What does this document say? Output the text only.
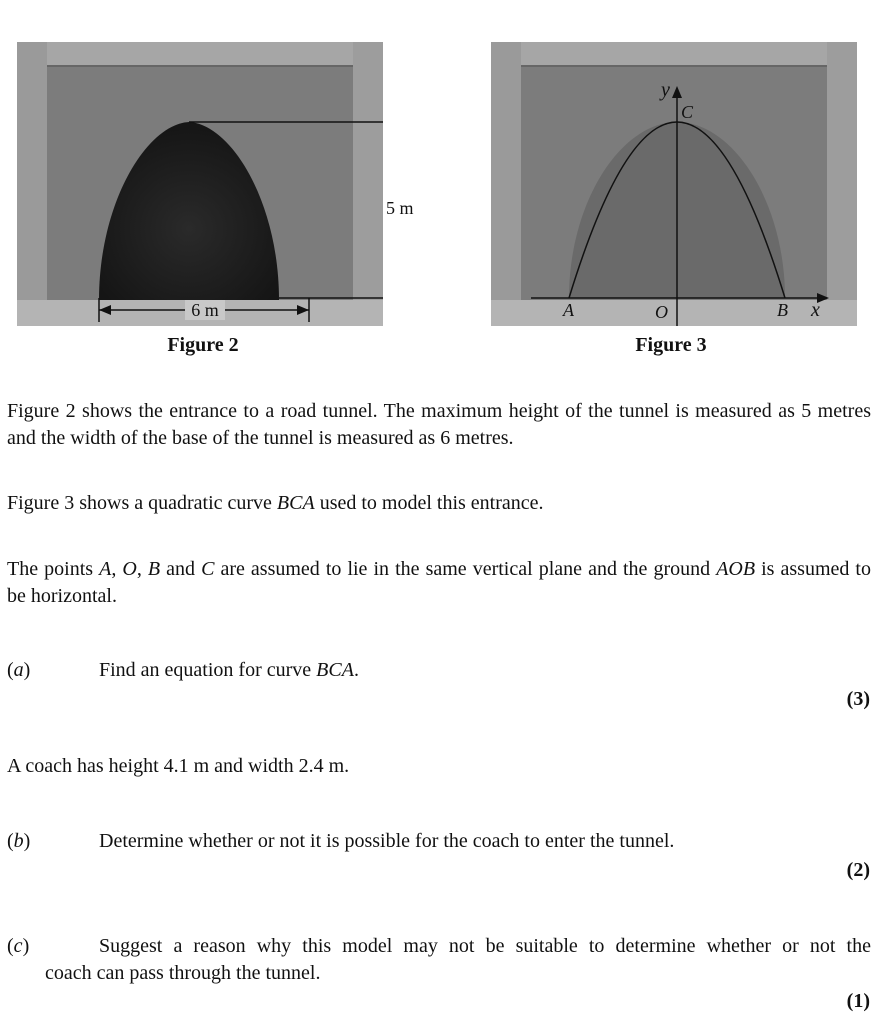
6 m
5 m
Figure 2
y
C
A	O	B x
Figure 3
Figure 2 shows the entrance to a road tunnel. The maximum height of the tunnel is measured as 5 metres and the width of the base of the tunnel is measured as 6 metres.
Figure 3 shows a quadratic curve BCA used to model this entrance.
The points A, O, B and C are assumed to lie in the same vertical plane and the ground AOB is assumed to be horizontal.
(a)	Find an equation for curve BCA.
(3)
A coach has height 4.1 m and width 2.4 m.
(b)	Determine whether or not it is possible for the coach to enter the tunnel.
(2)
(c)	Suggest a reason why this model may not be suitable to determine whether or not the
coach can pass through the tunnel.
(1)
